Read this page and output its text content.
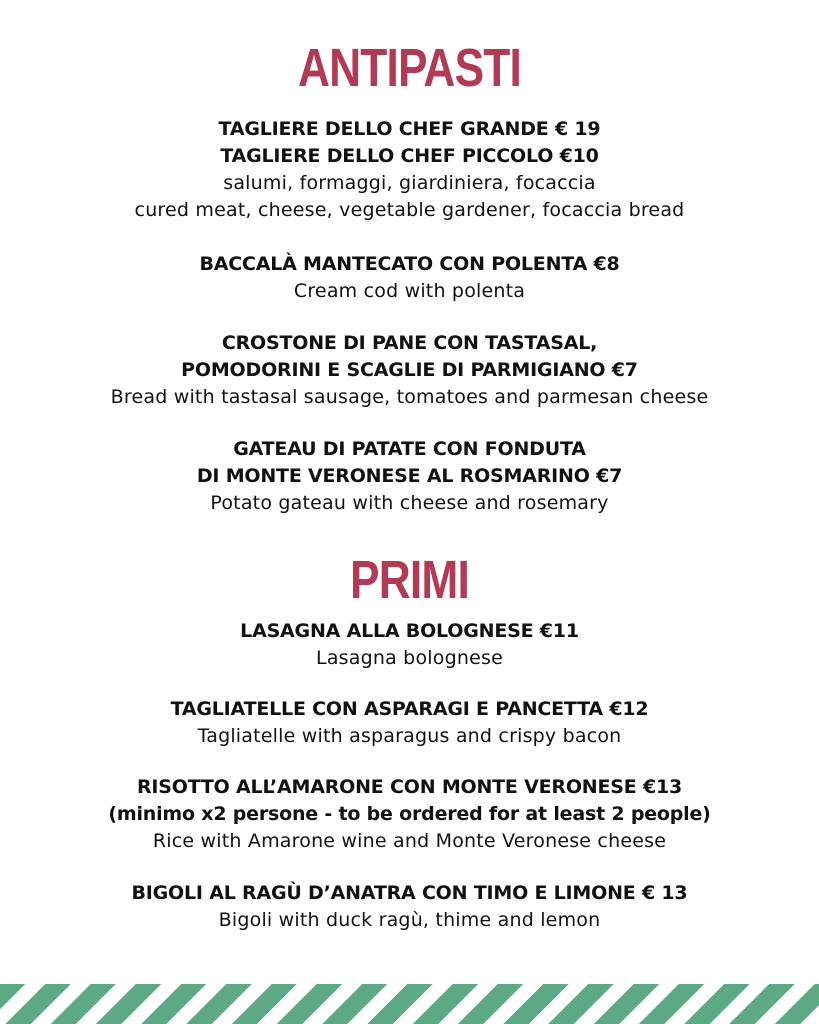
ANTIPASTI
TAGLIERE DELLO CHEF GRANDE € 19
TAGLIERE DELLO CHEF PICCOLO €10
salumi, formaggi, giardiniera, focaccia
cured meat, cheese, vegetable gardener, focaccia bread
BACCALÀ MANTECATO CON POLENTA €8
Cream cod with polenta
CROSTONE DI PANE CON TASTASAL,
POMODORINI E SCAGLIE DI PARMIGIANO €7
Bread with tastasal sausage, tomatoes and parmesan cheese
GATEAU DI PATATE CON FONDUTA
DI MONTE VERONESE AL ROSMARINO €7
Potato gateau with cheese and rosemary
PRIMI
LASAGNA ALLA BOLOGNESE €11
Lasagna bolognese
TAGLIATELLE CON ASPARAGI E PANCETTA €12
Tagliatelle with asparagus and crispy bacon
RISOTTO ALL’AMARONE CON MONTE VERONESE €13
(minimo x2 persone - to be ordered for at least 2 people)
Rice with Amarone wine and Monte Veronese cheese
BIGOLI AL RAGÙ D’ANATRA CON TIMO E LIMONE € 13
Bigoli with duck ragù, thime and lemon
